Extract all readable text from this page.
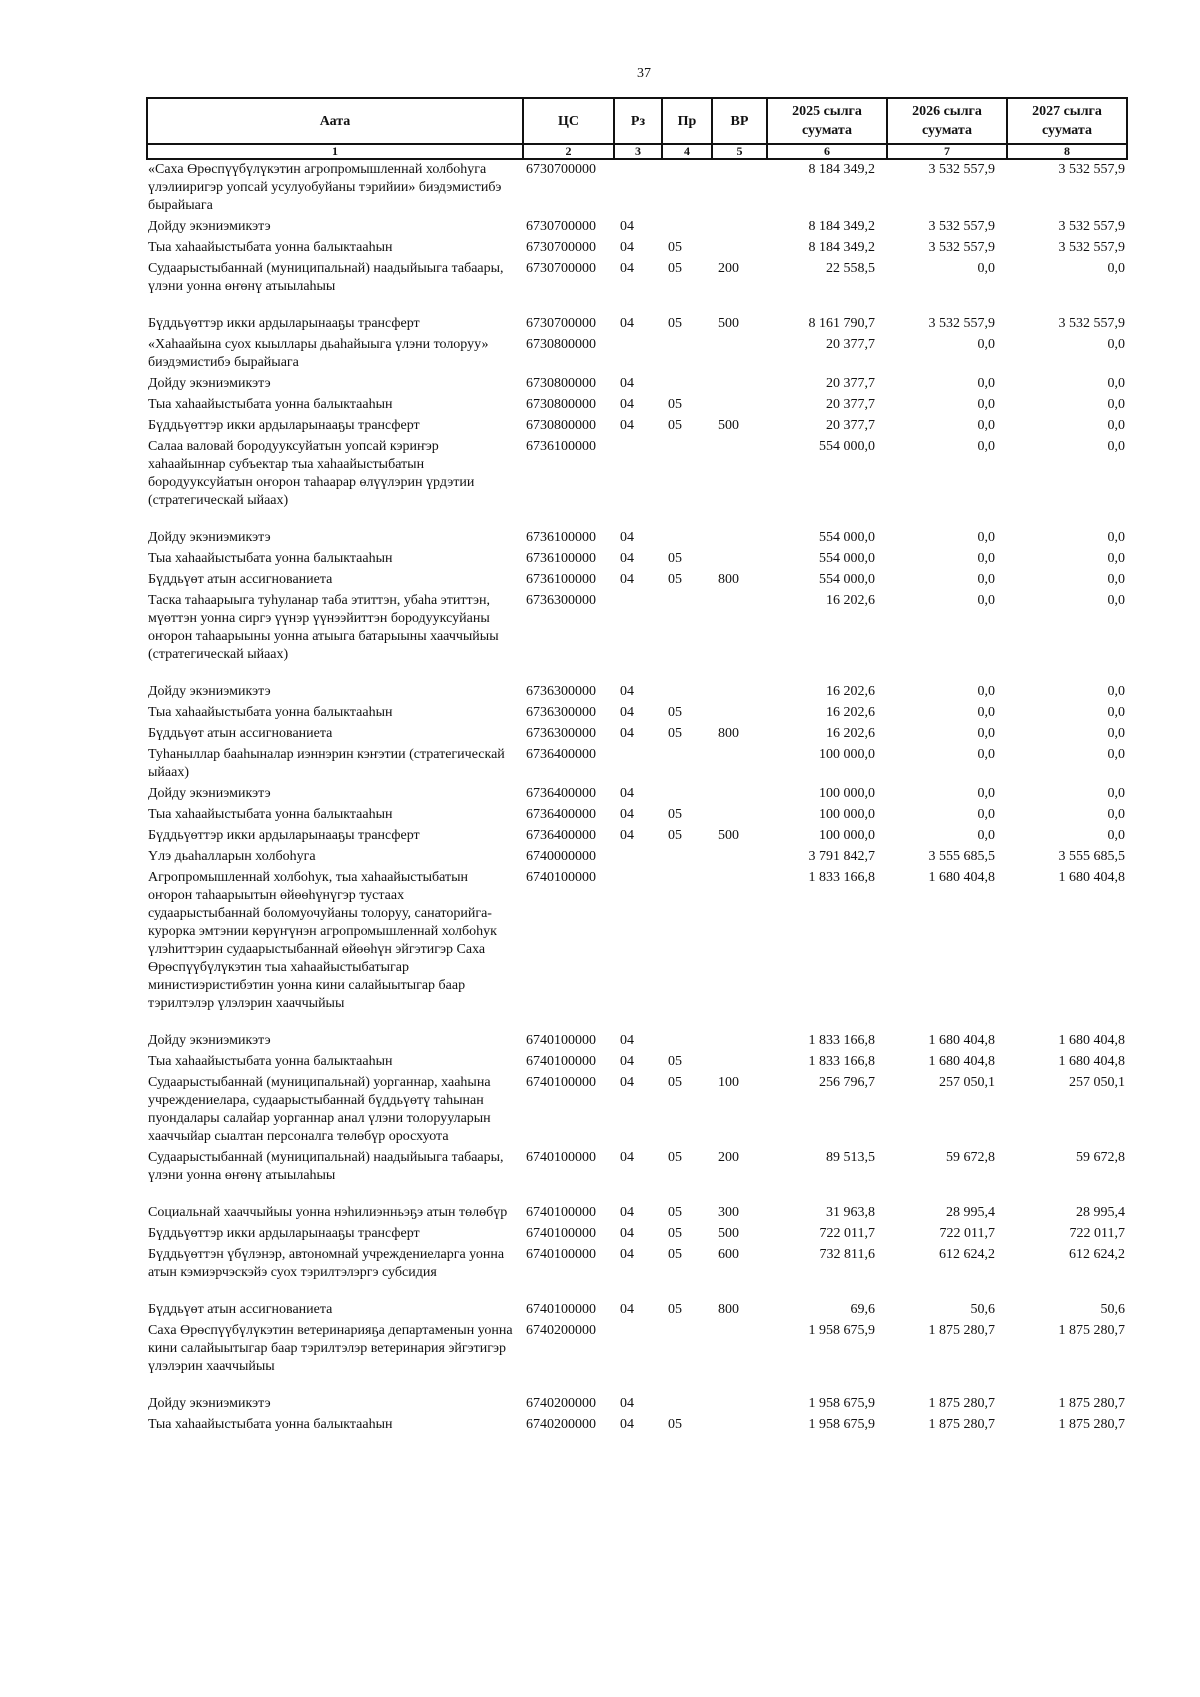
37
Аата	ЦС	Рз	Пр	ВР	2025 сылга суумата	2026 сылга суумата	2027 сылга суумата
1	2	3	4	5	6	7	8
«Саха Өрөспүүбүлүкэтин агропромышленнай холбоһуга үлэлииригэр уопсай усулуобуйаны тэрийии» биэдэмистибэ бырайыага	6730700000				8 184 349,2	3 532 557,9	3 532 557,9
Дойду экэниэмикэтэ	6730700000	04			8 184 349,2	3 532 557,9	3 532 557,9
Тыа хаһаайыстыбата уонна балыктааһын	6730700000	04	05		8 184 349,2	3 532 557,9	3 532 557,9
Судаарыстыбаннай (муниципальнай) наадыйыыга табаары, үлэни уонна өҥөнү атыылаһыы	6730700000	04	05	200	22 558,5	0,0	0,0
Бүддьүөттэр икки ардыларынааҕы трансферт	6730700000	04	05	500	8 161 790,7	3 532 557,9	3 532 557,9
«Хаһаайына суох кыыллары дьаһайыыга үлэни толоруу» биэдэмистибэ бырайыага	6730800000				20 377,7	0,0	0,0
Дойду экэниэмикэтэ	6730800000	04			20 377,7	0,0	0,0
Тыа хаһаайыстыбата уонна балыктааһын	6730800000	04	05		20 377,7	0,0	0,0
Бүддьүөттэр икки ардыларынааҕы трансферт	6730800000	04	05	500	20 377,7	0,0	0,0
Салаа валовай бородууксуйатын уопсай кэриҥэр хаһаайыннар субъектар тыа хаһаайыстыбатын бородууксуйатын оҥорон таһаарар өлүүлэрин үрдэтии (стратегическай ыйаах)	6736100000				554 000,0	0,0	0,0
Дойду экэниэмикэтэ	6736100000	04			554 000,0	0,0	0,0
Тыа хаһаайыстыбата уонна балыктааһын	6736100000	04	05		554 000,0	0,0	0,0
Бүддьүөт атын ассигнованиета	6736100000	04	05	800	554 000,0	0,0	0,0
Таска таһаарыыга туһуланар таба этиттэн, убаһа этиттэн, мүөттэн уонна сиргэ үүнэр үүнээйиттэн бородууксуйаны оҥорон таһаарыыны уонна атыыга батарыыны хааччыйыы (стратегическай ыйаах)	6736300000				16 202,6	0,0	0,0
Дойду экэниэмикэтэ	6736300000	04			16 202,6	0,0	0,0
Тыа хаһаайыстыбата уонна балыктааһын	6736300000	04	05		16 202,6	0,0	0,0
Бүддьүөт атын ассигнованиета	6736300000	04	05	800	16 202,6	0,0	0,0
Туһаныллар бааһыналар иэннэрин кэҥэтии (стратегическай ыйаах)	6736400000				100 000,0	0,0	0,0
Дойду экэниэмикэтэ	6736400000	04			100 000,0	0,0	0,0
Тыа хаһаайыстыбата уонна балыктааһын	6736400000	04	05		100 000,0	0,0	0,0
Бүддьүөттэр икки ардыларынааҕы трансферт	6736400000	04	05	500	100 000,0	0,0	0,0
Үлэ дьаһалларын холбоһуга	6740000000				3 791 842,7	3 555 685,5	3 555 685,5
Агропромышленнай холбоһук, тыа хаһаайыстыбатын оҥорон таһаарыытын өйөөһүнүгэр тустаах судаарыстыбаннай боломуочуйаны толоруу, санаторийга-курорка эмтэнии көрүҥүнэн агропромышленнай холбоһук үлэһиттэрин судаарыстыбаннай өйөөһүн эйгэтигэр Саха Өрөспүүбүлүкэтин тыа хаһаайыстыбатыгар министиэристибэтин уонна кини салайыытыгар баар тэрилтэлэр үлэлэрин хааччыйыы	6740100000				1 833 166,8	1 680 404,8	1 680 404,8
Дойду экэниэмикэтэ	6740100000	04			1 833 166,8	1 680 404,8	1 680 404,8
Тыа хаһаайыстыбата уонна балыктааһын	6740100000	04	05		1 833 166,8	1 680 404,8	1 680 404,8
Судаарыстыбаннай (муниципальнай) уорганнар, хааһына учреждениелара, судаарыстыбаннай бүддьүөтү таһынан пуондалары салайар уорганнар анал үлэни толорууларын хааччыйар сыалтан персоналга төлөбүр оросхуота	6740100000	04	05	100	256 796,7	257 050,1	257 050,1
Судаарыстыбаннай (муниципальнай) наадыйыыга табаары, үлэни уонна өҥөнү атыылаһыы	6740100000	04	05	200	89 513,5	59 672,8	59 672,8
Социальнай хааччыйыы уонна нэһилиэнньэҕэ атын төлөбүр	6740100000	04	05	300	31 963,8	28 995,4	28 995,4
Бүддьүөттэр икки ардыларынааҕы трансферт	6740100000	04	05	500	722 011,7	722 011,7	722 011,7
Бүддьүөттэн үбүлэнэр, автономнай учреждениеларга уонна атын кэмиэрчэскэйэ суох тэрилтэлэргэ субсидия	6740100000	04	05	600	732 811,6	612 624,2	612 624,2
Бүддьүөт атын ассигнованиета	6740100000	04	05	800	69,6	50,6	50,6
Саха Өрөспүүбүлүкэтин ветеринарияҕа департаменын уонна кини салайыытыгар баар тэрилтэлэр ветеринария эйгэтигэр үлэлэрин хааччыйыы	6740200000				1 958 675,9	1 875 280,7	1 875 280,7
Дойду экэниэмикэтэ	6740200000	04			1 958 675,9	1 875 280,7	1 875 280,7
Тыа хаһаайыстыбата уонна балыктааһын	6740200000	04	05		1 958 675,9	1 875 280,7	1 875 280,7
